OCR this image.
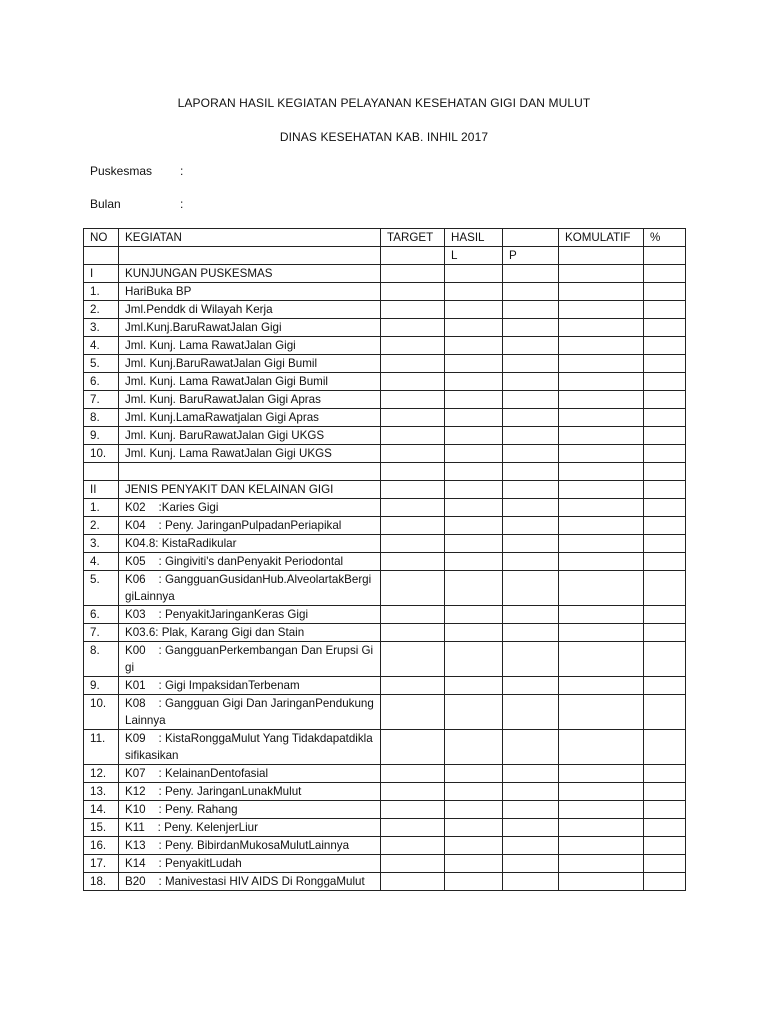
LAPORAN HASIL KEGIATAN PELAYANAN KESEHATAN GIGI DAN MULUT
DINAS KESEHATAN KAB. INHIL 2017
Puskesmas :
Bulan	:
NO	KEGIATAN	TARGET	HASIL		KOMULATIF	%
			L	P		
I	KUNJUNGAN PUSKESMAS					
1.	HariBuka BP					
2.	Jml.Penddk di Wilayah Kerja					
3.	Jml.Kunj.BaruRawatJalan Gigi					
4.	Jml. Kunj. Lama RawatJalan Gigi					
5.	Jml. Kunj.BaruRawatJalan Gigi Bumil					
6.	Jml. Kunj. Lama RawatJalan Gigi Bumil					
7.	Jml. Kunj. BaruRawatJalan Gigi Apras					
8.	Jml. Kunj.LamaRawatjalan Gigi Apras					
9.	Jml. Kunj. BaruRawatJalan Gigi UKGS					
10.	Jml. Kunj. Lama RawatJalan Gigi UKGS					

II	JENIS PENYAKIT DAN KELAINAN GIGI					
1.	K02    :Karies Gigi					
2.	K04    : Peny. JaringanPulpadanPeriapikal					
3.	K04.8: KistaRadikular					
4.	K05    : Gingiviti's danPenyakit Periodontal					
5.	K06    : GangguanGusidanHub.AlveolartakBergigiLainnya					
6.	K03    : PenyakitJaringanKeras Gigi					
7.	K03.6: Plak, Karang Gigi dan Stain					
8.	K00    : GangguanPerkembangan Dan Erupsi Gigi					
9.	K01    : Gigi ImpaksidanTerbenam					
10.	K08    : Gangguan Gigi Dan JaringanPendukungLainnya					
11.	K09    : KistaRonggaMulut Yang Tidakdapatdiklasifikasikan					
12.	K07    : KelainanDentofasial					
13.	K12    : Peny. JaringanLunakMulut					
14.	K10    : Peny. Rahang					
15.	K11    : Peny. KelenjerLiur					
16.	K13    : Peny. BibirdanMukosaMulutLainnya					
17.	K14    : PenyakitLudah					
18.	B20    : Manivestasi HIV AIDS Di RonggaMulut					
